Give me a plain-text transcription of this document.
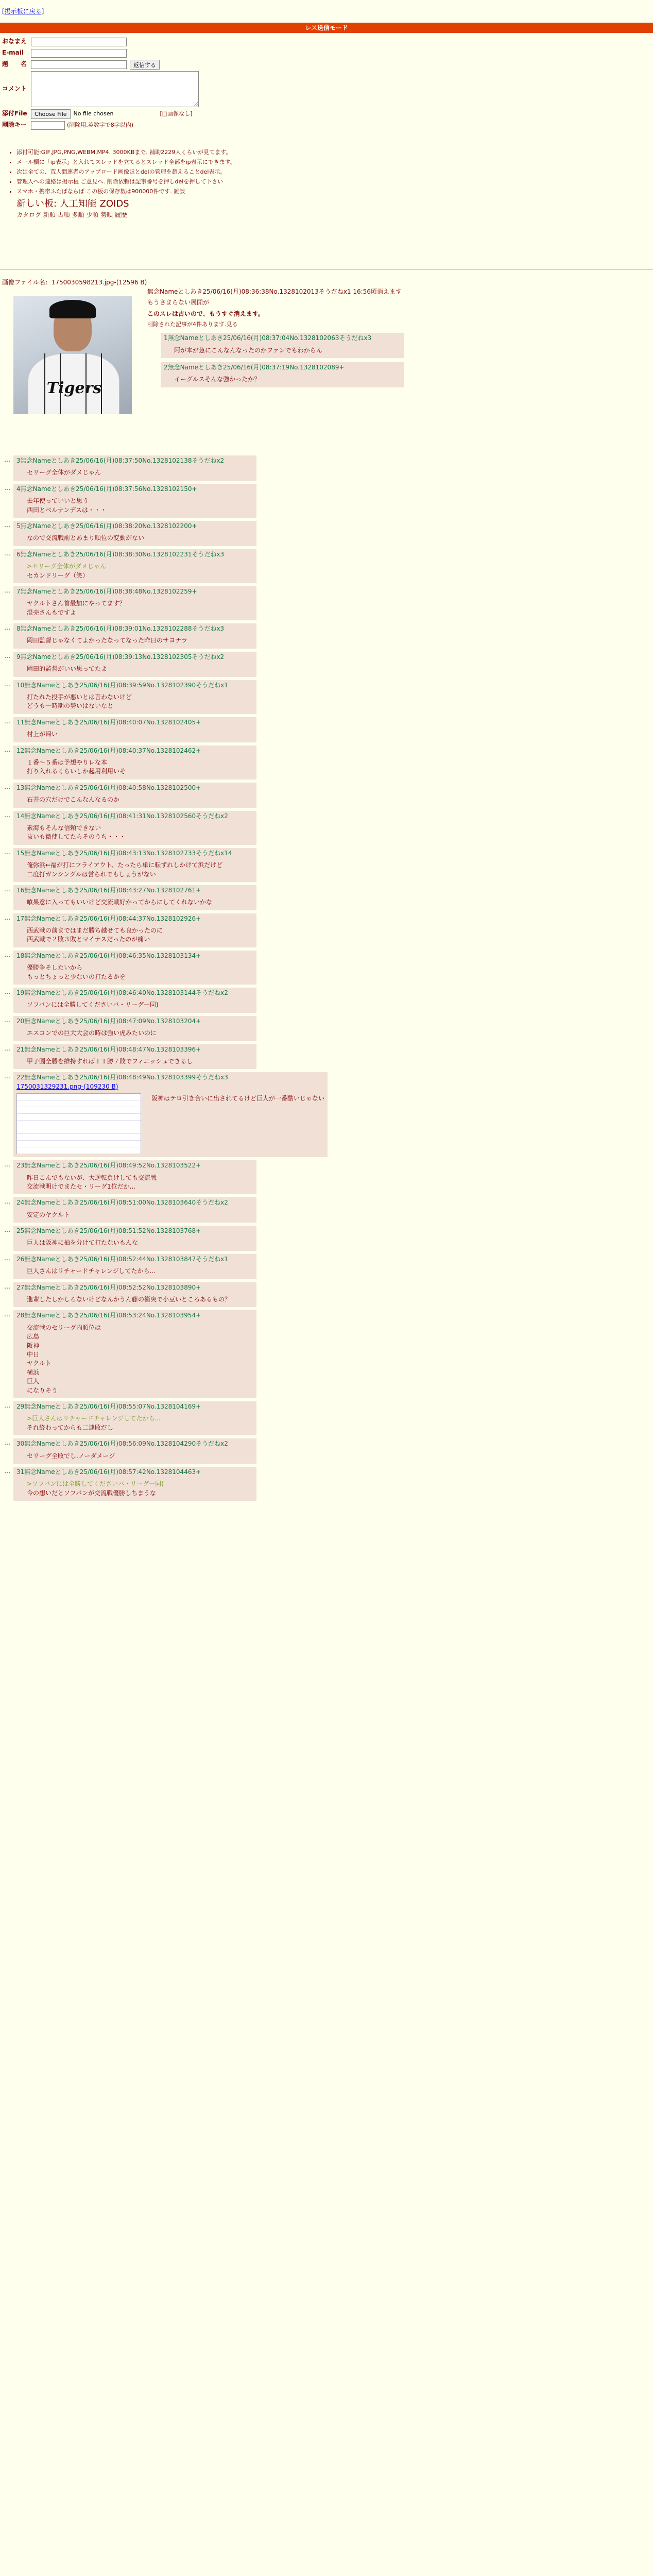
[掲示板に戻る]
レス送信モード
おなまえ
E-mail
題　　名	返信する
コメント
添付File	Choose File	No file chosen	[□画像なし]
削除キー	(削除用.英数字で8字以内)
• 添付可能:GIF,JPG,PNG,WEBM,MP4. 3000KBまで. 補助2229人くらいが見てます。
• メール欄に「ip表示」と入れてスレッドを立てるとスレッド全部をip表示にできます。
• 次は全ての、荒人間連者のアップロード画像ほとdelの管理を超えることdel表示。
• 管理人への連絡は掲示板 ご意見へ. 削除依頼は記事番号を押しdelを押して下さい
• スマホ・携帯ふたばならば この板の保存数は900000件です. 雑談
新しい板: 人工知能 ZOIDS
カタログ 新順 古順 多順 少順 勢順 履歴
画像ファイル名：1750030598213.jpg-(12596 B)
Tigers

無念Nameとしあき25/06/16(月)08:36:38No.1328102013そうだねx1 16:56頃消えます

もうさまらない展開が

このスレは古いので、もうすぐ消えます。

削除された記事が4件あります.見る

1無念Nameとしあき25/06/16(月)08:37:04No.1328102063そうだねx3
阿が本が急にこんなんなったのかファンでもわからん
2無念Nameとしあき25/06/16(月)08:37:19No.1328102089+
イーグルスそんな強かったか？
… 3無念Nameとしあき25/06/16(月)08:37:50No.1328102138そうだねx2
セリーグ全体がダメじゃん
… 4無念Nameとしあき25/06/16(月)08:37:56No.1328102150+
去年使っていいと思う
西田とベルナンデスは・・・
… 5無念Nameとしあき25/06/16(月)08:38:20No.1328102200+
なので交流戦前とあまり順位の変動がない
… 6無念Nameとしあき25/06/16(月)08:38:30No.1328102231そうだねx3
>セリーグ全体がダメじゃん
セカンドリーグ（笑）
… 7無念Nameとしあき25/06/16(月)08:38:48No.1328102259+
ヤクルトさん首最加にやってます？
混売さんもですよ
… 8無念Nameとしあき25/06/16(月)08:39:01No.1328102288そうだねx3
岡田監督じゃなくてよかったなってなった昨日のサヨナラ
… 9無念Nameとしあき25/06/16(月)08:39:13No.1328102305そうだねx2
岡田的監督がいい思ってたよ
… 10無念Nameとしあき25/06/16(月)08:39:59No.1328102390そうだねx1
打たれた投手が悪いとは言わないけど
どうも一時期の勢いはないなと
… 11無念Nameとしあき25/06/16(月)08:40:07No.1328102405+
村上が帰い
… 12無念Nameとしあき25/06/16(月)08:40:37No.1328102462+
１番～５番は予想やりレな本
打り入れるくらいしか起用利用いそ
… 13無念Nameとしあき25/06/16(月)08:40:58No.1328102500+
石井の穴だけでこんなんなるのか
… 14無念Nameとしあき25/06/16(月)08:41:31No.1328102560そうだねx2
素海もそんな信頼できない
抜いも微使してたらそのうち・・・
… 15無念Nameとしあき25/06/16(月)08:43:13No.1328102733そうだねx14
俺弥浜←福が打にフライアウト、たったら単に転ずれしかけて浜だけど
二度打ガンシングルは営られでもしょうがない
… 16無念Nameとしあき25/06/16(月)08:43:27No.1328102761+
喰果意に入ってもいいけど交流戦好かってからにしてくれないかな
… 17無念Nameとしあき25/06/16(月)08:44:37No.1328102926+
西武戦の前まではまだ勝ち越せても良かったのに
西武戦で２敗３敗とマイナスだったのが痛い
… 18無念Nameとしあき25/06/16(月)08:46:35No.1328103134+
優勝争そしたいから
もっとちょっと少ないの打たるかを
… 19無念Nameとしあき25/06/16(月)08:46:40No.1328103144そうだねx2
ソフバンには全勝してくださいバ・リーグ一同)
… 20無念Nameとしあき25/06/16(月)08:47:09No.1328103204+
エスコンでの巨大大会の時は強い虎みたいのに
… 21無念Nameとしあき25/06/16(月)08:48:47No.1328103396+
甲子園全勝を維持すれば１１勝７敗でフィニッシュできるし
… 22無念Nameとしあき25/06/16(月)08:48:49No.1328103399そうだねx3
1750031329231.png-(109230 B)
阪神はテロ引き合いに出されてるけど巨人が一番酷いじゃない
… 23無念Nameとしあき25/06/16(月)08:49:52No.1328103522+
昨日こんでもないが、大逆転負けしても交流戦
交流戦明けでまたセ・リーグ1位だか...
… 24無念Nameとしあき25/06/16(月)08:51:00No.1328103640そうだねx2
安定のヤクルト
… 25無念Nameとしあき25/06/16(月)08:51:52No.1328103768+
巨人は阪神に柚を分けて打たないもんな
… 26無念Nameとしあき25/06/16(月)08:52:44No.1328103847そうだねx1
巨人さんはリチャードチャレンジしてたから...
… 27無念Nameとしあき25/06/16(月)08:52:52No.1328103890+
進輩したしかしろないけどなんかうん藤の衝突で小豆いところあるもの？
… 28無念Nameとしあき25/06/16(月)08:53:24No.1328103954+
交流戦のセリーグ内順位は
広島
阪神
中日
ヤクルト
横浜
巨人
になりそう
… 29無念Nameとしあき25/06/16(月)08:55:07No.1328104169+
>巨人さんはリチャードチャレンジしてたから...
それ終わってからも二連敗だし
… 30無念Nameとしあき25/06/16(月)08:56:09No.1328104290そうだねx2
セリーグ全敗でし.ノーダメージ
… 31無念Nameとしあき25/06/16(月)08:57:42No.1328104463+
>ソフバンには全勝してくださいバ・リーグ一同)
今の想いだとソフバンが交流戦優勝しちまうな
